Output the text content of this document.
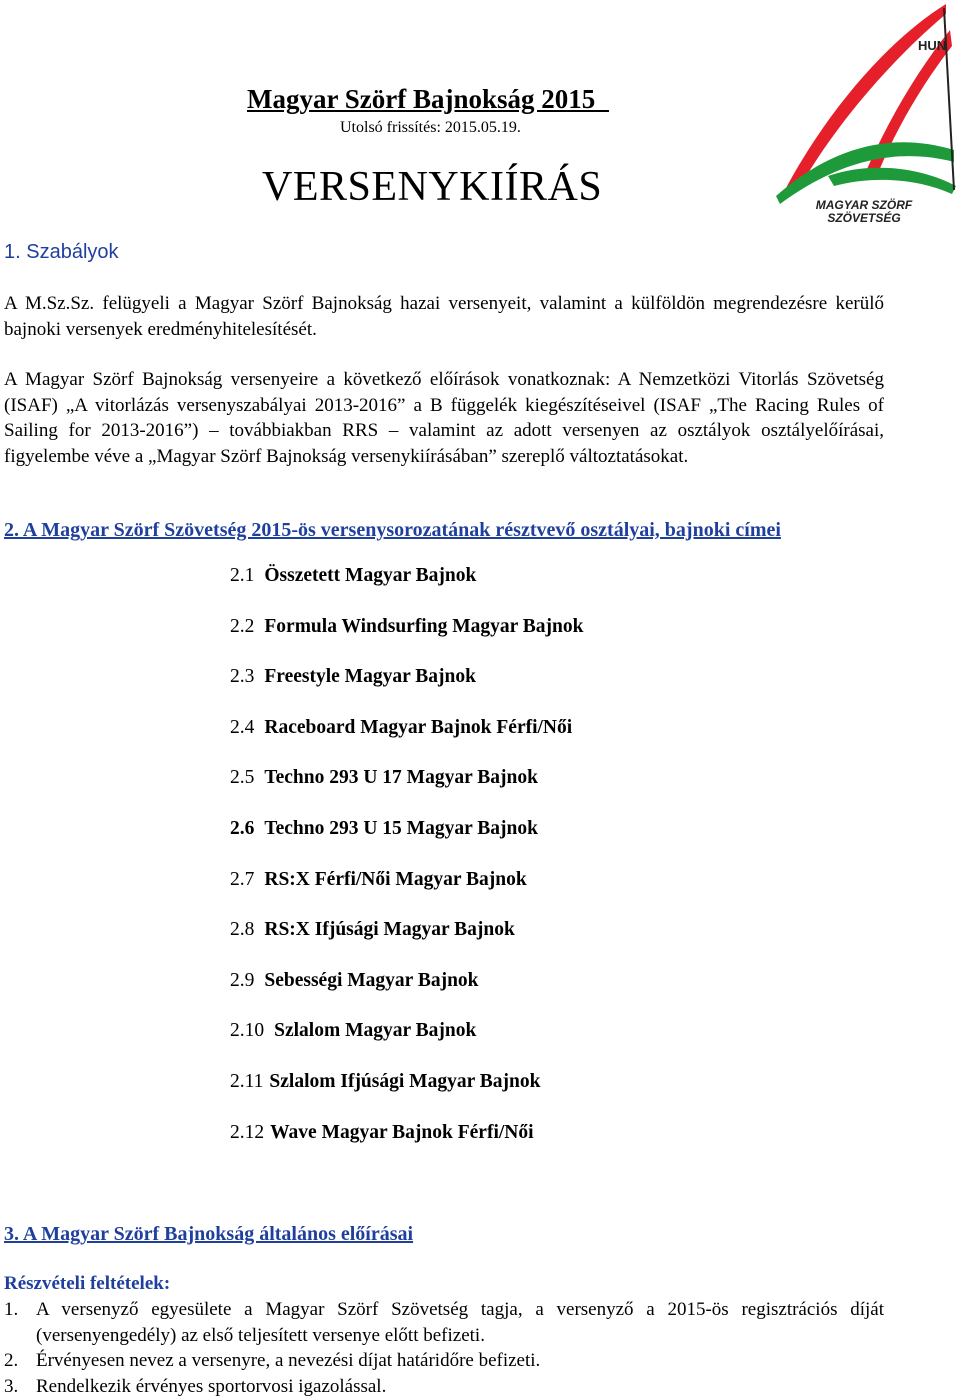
Magyar Szörf Bajnokság 2015_
Utolsó frissítés: 2015.05.19.
VERSENYKIÍRÁS
HUN
MAGYAR SZÖRF
SZÖVETSÉG
1. Szabályok
A M.Sz.Sz. felügyeli a Magyar Szörf Bajnokság hazai versenyeit, valamint a külföldön megrendezésre kerülő bajnoki versenyek eredményhitelesítését.
A Magyar Szörf Bajnokság versenyeire a következő előírások vonatkoznak: A Nemzetközi Vitorlás Szövetség (ISAF) „A vitorlázás versenyszabályai 2013-2016” a B függelék kiegészítéseivel (ISAF „The Racing Rules of Sailing for 2013-2016”) – továbbiakban RRS – valamint az adott versenyen az osztályok osztályelőírásai, figyelembe véve a „Magyar Szörf Bajnokság versenykiírásában” szereplő változtatásokat.
2. A Magyar Szörf Szövetség 2015-ös versenysorozatának résztvevő osztályai, bajnoki címei
2.1 Összetett Magyar Bajnok
2.2 Formula Windsurfing Magyar Bajnok
2.3 Freestyle Magyar Bajnok
2.4 Raceboard Magyar Bajnok Férfi/Női
2.5 Techno 293 U 17 Magyar Bajnok
2.6 Techno 293 U 15 Magyar Bajnok
2.7 RS:X Férfi/Női Magyar Bajnok
2.8 RS:X Ifjúsági Magyar Bajnok
2.9 Sebességi Magyar Bajnok
2.10 Szlalom Magyar Bajnok
2.11 Szlalom Ifjúsági Magyar Bajnok
2.12 Wave Magyar Bajnok Férfi/Női
3. A Magyar Szörf Bajnokság általános előírásai
Részvételi feltételek:
1. A versenyző egyesülete a Magyar Szörf Szövetség tagja, a versenyző a 2015-ös regisztrációs díját (versenyengedély) az első teljesített versenye előtt befizeti.
2. Érvényesen nevez a versenyre, a nevezési díjat határidőre befizeti.
3. Rendelkezik érvényes sportorvosi igazolással.
